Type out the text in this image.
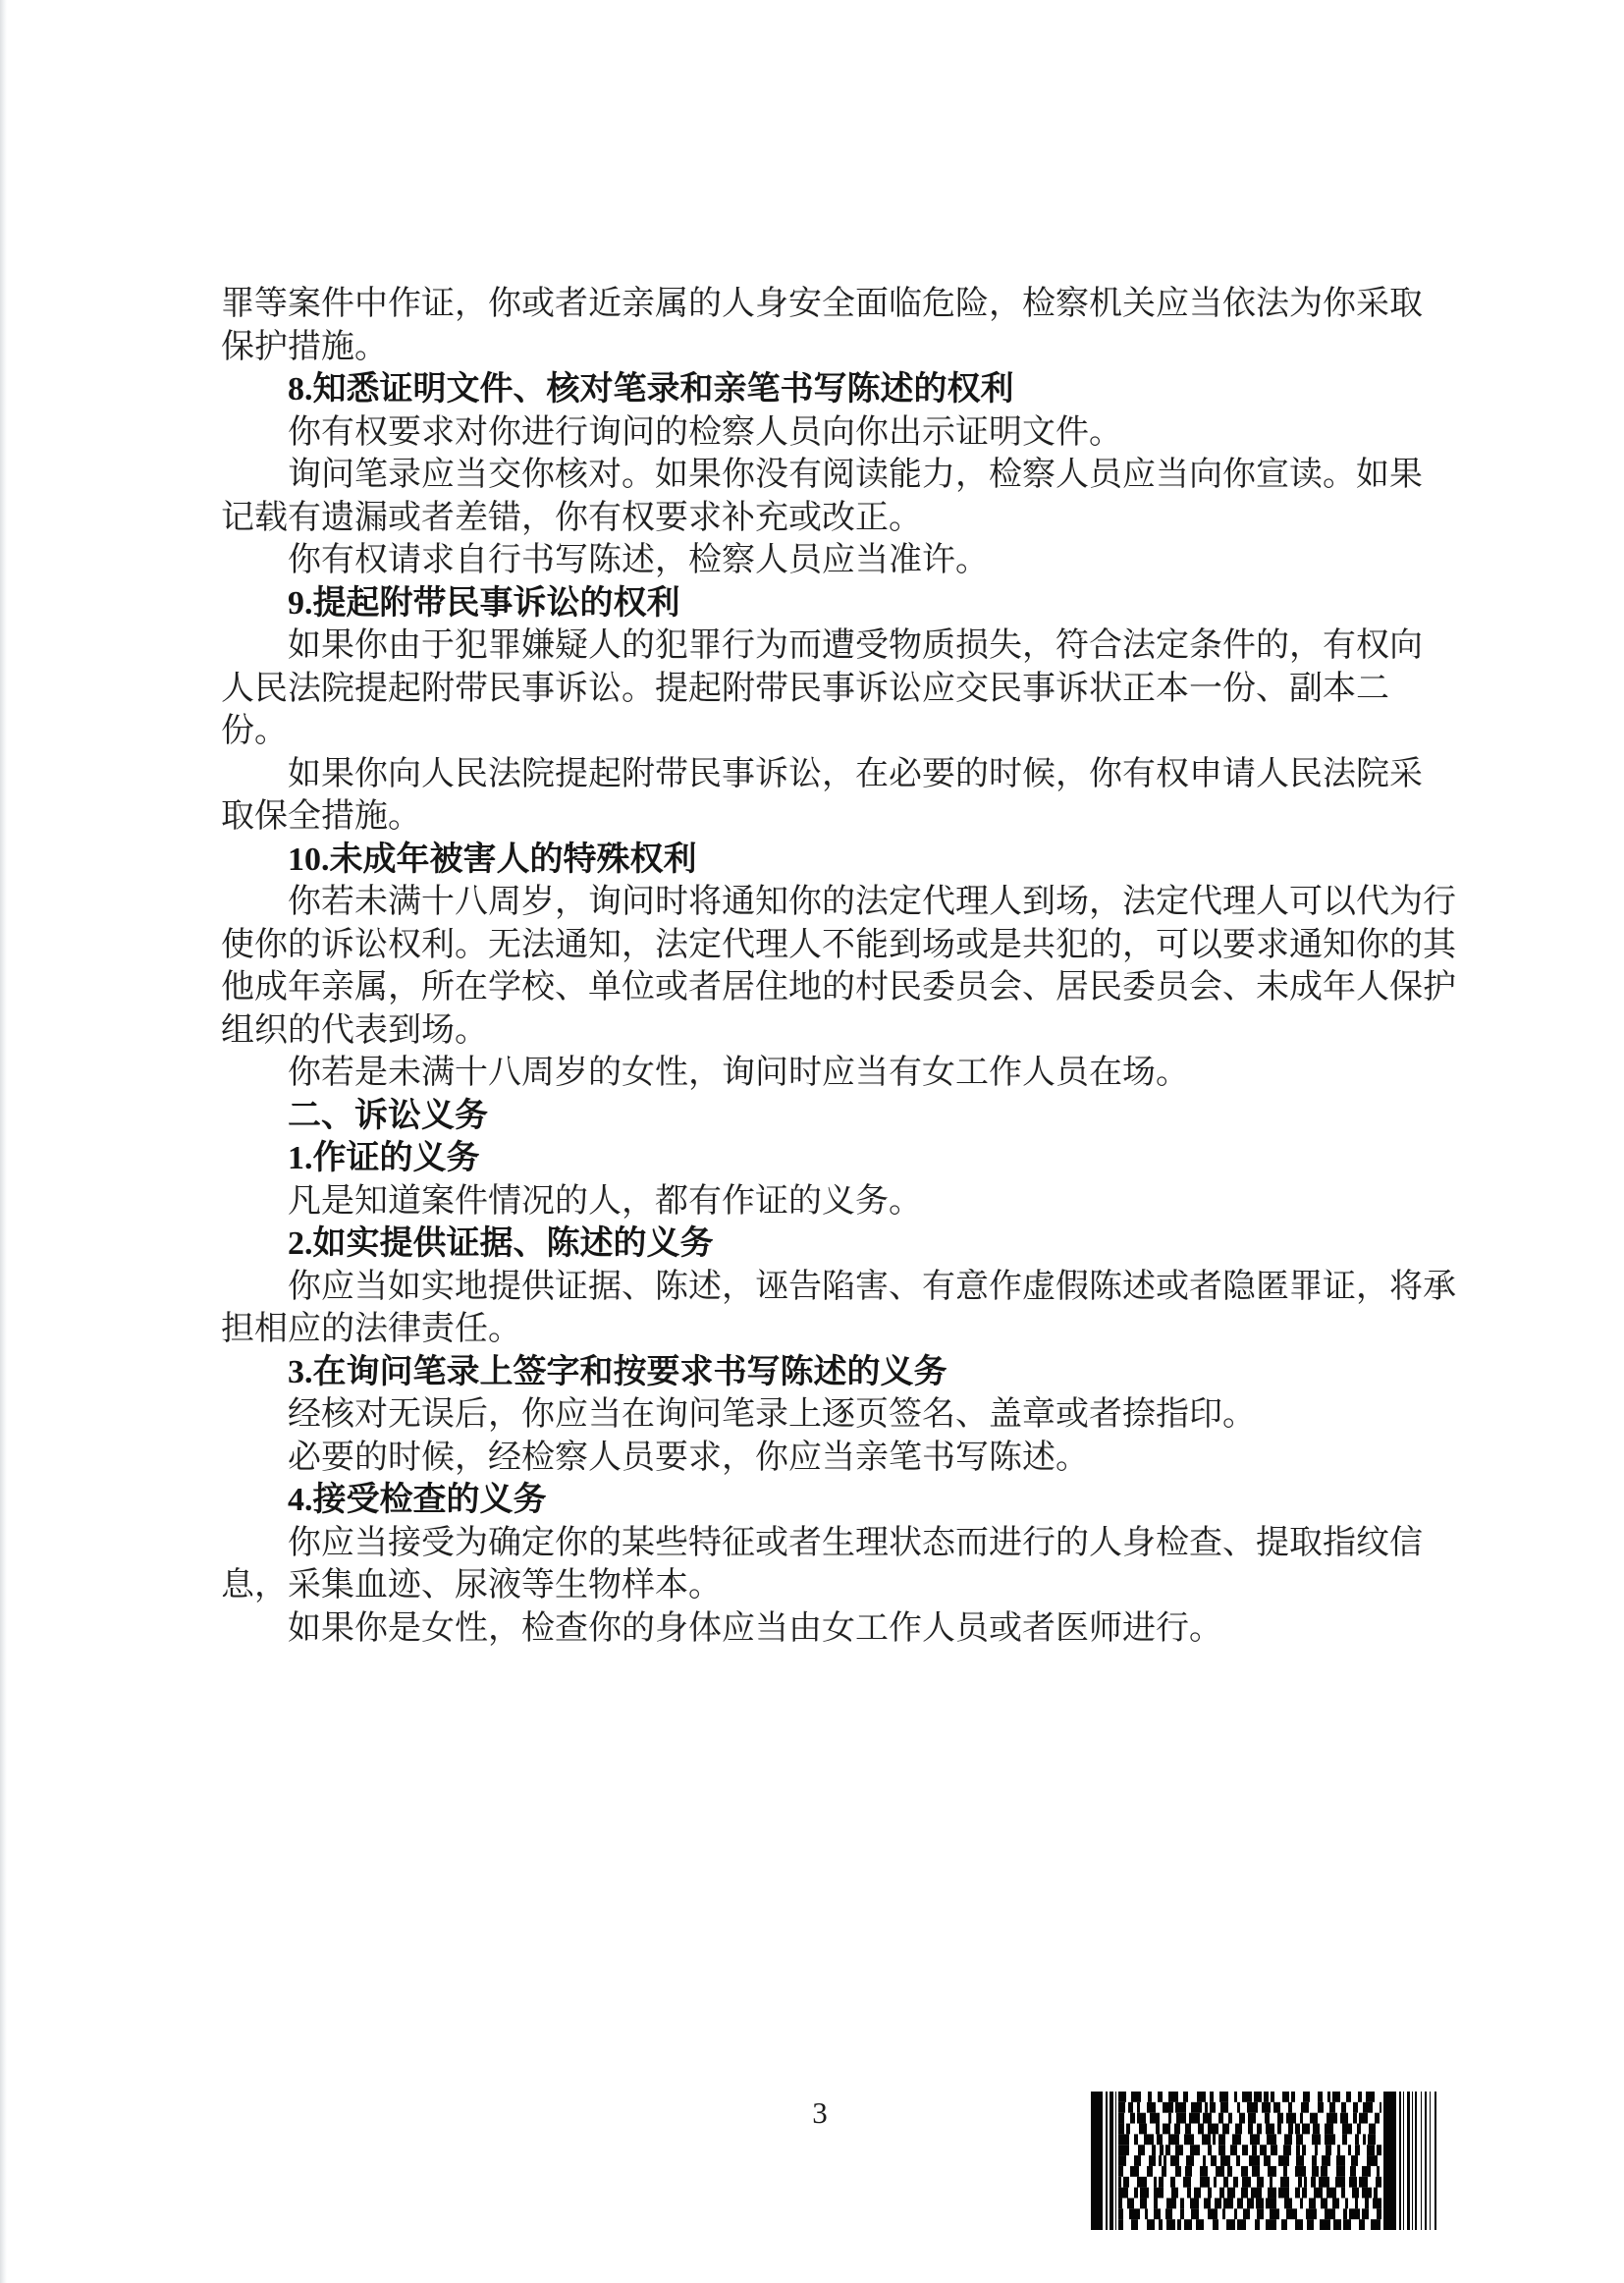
罪等案件中作证，你或者近亲属的人身安全面临危险，检察机关应当依法为你采取
保护措施。
8.知悉证明文件、核对笔录和亲笔书写陈述的权利
你有权要求对你进行询问的检察人员向你出示证明文件。
询问笔录应当交你核对。如果你没有阅读能力，检察人员应当向你宣读。如果
记载有遗漏或者差错，你有权要求补充或改正。
你有权请求自行书写陈述，检察人员应当准许。
9.提起附带民事诉讼的权利
如果你由于犯罪嫌疑人的犯罪行为而遭受物质损失，符合法定条件的，有权向
人民法院提起附带民事诉讼。提起附带民事诉讼应交民事诉状正本一份、副本二
份。
如果你向人民法院提起附带民事诉讼，在必要的时候，你有权申请人民法院采
取保全措施。
10.未成年被害人的特殊权利
你若未满十八周岁，询问时将通知你的法定代理人到场，法定代理人可以代为行
使你的诉讼权利。无法通知，法定代理人不能到场或是共犯的，可以要求通知你的其
他成年亲属，所在学校、单位或者居住地的村民委员会、居民委员会、未成年人保护
组织的代表到场。
你若是未满十八周岁的女性，询问时应当有女工作人员在场。
二、诉讼义务
1.作证的义务
凡是知道案件情况的人，都有作证的义务。
2.如实提供证据、陈述的义务
你应当如实地提供证据、陈述，诬告陷害、有意作虚假陈述或者隐匿罪证，将承
担相应的法律责任。
3.在询问笔录上签字和按要求书写陈述的义务
经核对无误后，你应当在询问笔录上逐页签名、盖章或者捺指印。
必要的时候，经检察人员要求，你应当亲笔书写陈述。
4.接受检查的义务
你应当接受为确定你的某些特征或者生理状态而进行的人身检查、提取指纹信
息，采集血迹、尿液等生物样本。
如果你是女性，检查你的身体应当由女工作人员或者医师进行。
3
